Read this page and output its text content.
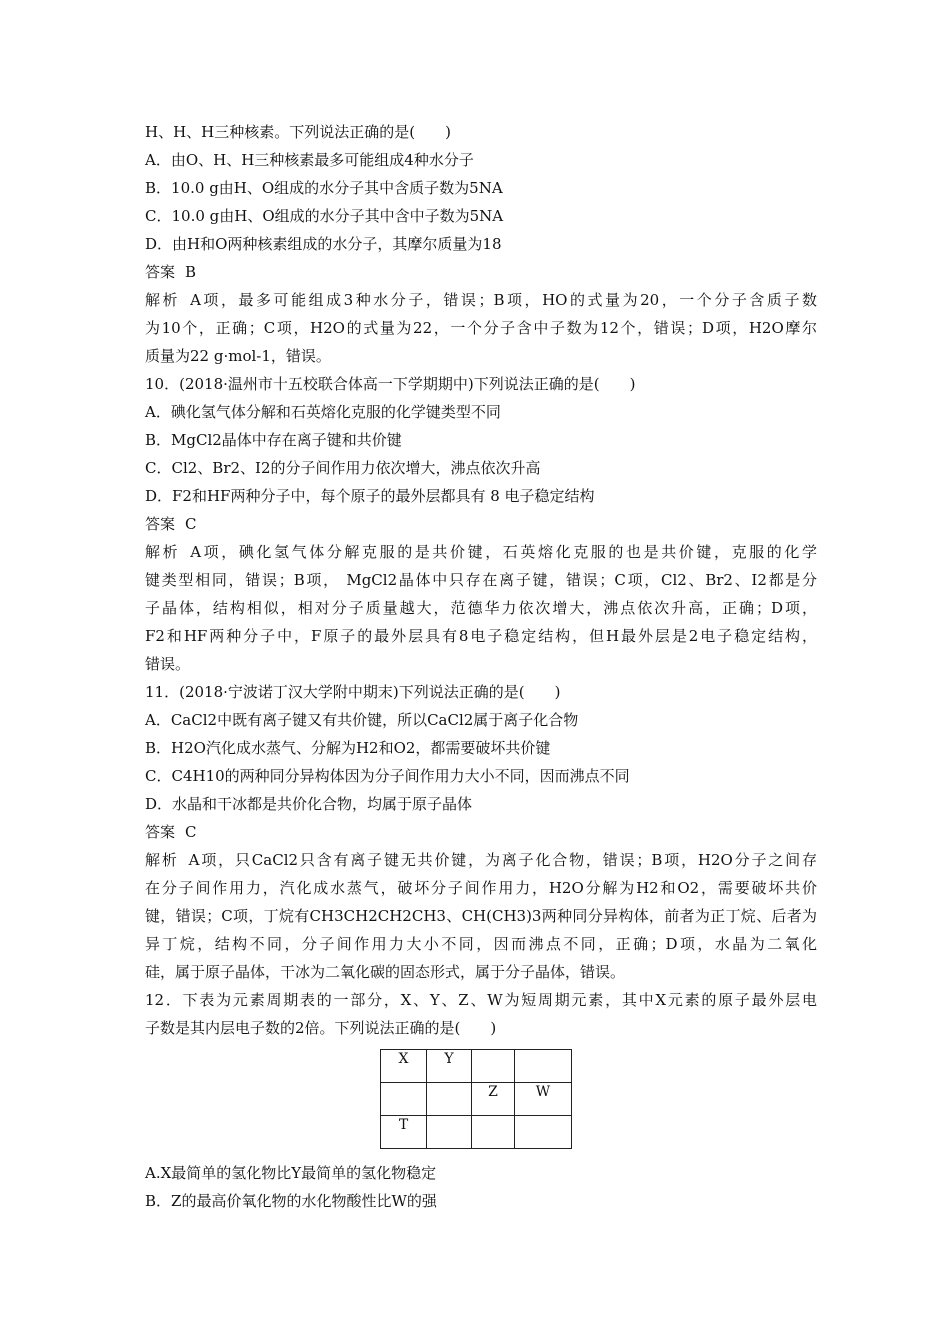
H、H、H三种核素。下列说法正确的是(　　)
A．由O、H、H三种核素最多可能组成4种水分子
B．10.0 g由H、O组成的水分子其中含质子数为5NA
C．10.0 g由H、O组成的水分子其中含中子数为5NA
D．由H和O两种核素组成的水分子，其摩尔质量为18
答案 B
解析 A项，最多可能组成3种水分子，错误；B项，HO的式量为20，一个分子含质子数
为10个，正确；C项，H2O的式量为22，一个分子含中子数为12个，错误；D项，H2O摩尔
质量为22 g·mol-1，错误。
10．(2018·温州市十五校联合体高一下学期期中)下列说法正确的是(　　)
A．碘化氢气体分解和石英熔化克服的化学键类型不同
B．MgCl2晶体中存在离子键和共价键
C．Cl2、Br2、I2的分子间作用力依次增大，沸点依次升高
D．F2和HF两种分子中，每个原子的最外层都具有 8 电子稳定结构
答案 C
解析 A项，碘化氢气体分解克服的是共价键，石英熔化克服的也是共价键，克服的化学
键类型相同，错误；B项， MgCl2晶体中只存在离子键，错误；C项，Cl2、Br2、I2都是分
子晶体，结构相似，相对分子质量越大，范德华力依次增大，沸点依次升高，正确；D项，
F2和HF两种分子中，F原子的最外层具有8电子稳定结构，但H最外层是2电子稳定结构，
错误。
11．(2018·宁波诺丁汉大学附中期末)下列说法正确的是(　　)
A．CaCl2中既有离子键又有共价键，所以CaCl2属于离子化合物
B．H2O汽化成水蒸气、分解为H2和O2，都需要破坏共价键
C．C4H10的两种同分异构体因为分子间作用力大小不同，因而沸点不同
D．水晶和干冰都是共价化合物，均属于原子晶体
答案 C
解析 A项，只CaCl2只含有离子键无共价键，为离子化合物，错误；B项，H2O分子之间存
在分子间作用力，汽化成水蒸气，破坏分子间作用力，H2O分解为H2和O2，需要破坏共价
键，错误；C项，丁烷有CH3CH2CH2CH3、CH(CH3)3两种同分异构体，前者为正丁烷、后者为
异丁烷，结构不同，分子间作用力大小不同，因而沸点不同，正确；D项，水晶为二氧化
硅，属于原子晶体，干冰为二氧化碳的固态形式，属于分子晶体，错误。
12．下表为元素周期表的一部分，X、Y、Z、W为短周期元素，其中X元素的原子最外层电
子数是其内层电子数的2倍。下列说法正确的是(　　)
X	Y		
		Z	W
T			
A.X最简单的氢化物比Y最简单的氢化物稳定
B．Z的最高价氧化物的水化物酸性比W的强
